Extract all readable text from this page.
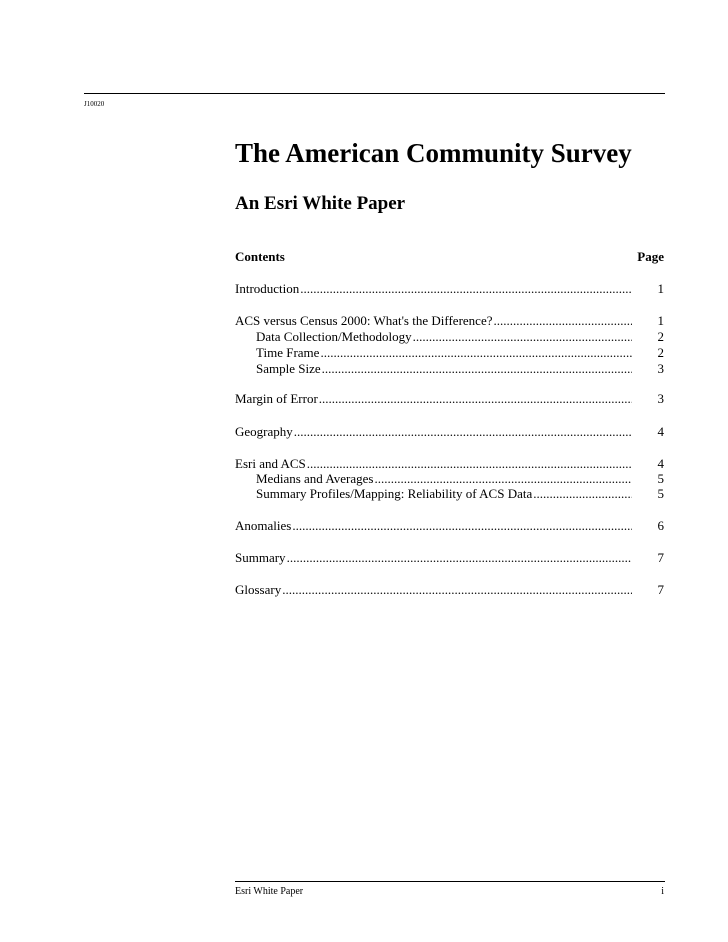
J10020
The American Community Survey
An Esri White Paper
Contents	Page
Introduction .....	1
ACS versus Census 2000: What's the Difference? .....	1
Data Collection/Methodology .....	2
Time Frame .....	2
Sample Size .....	3
Margin of Error .....	3
Geography .....	4
Esri and ACS .....	4
Medians and Averages .....	5
Summary Profiles/Mapping: Reliability of ACS Data .....	5
Anomalies .....	6
Summary .....	7
Glossary .....	7
Esri White Paper	i
